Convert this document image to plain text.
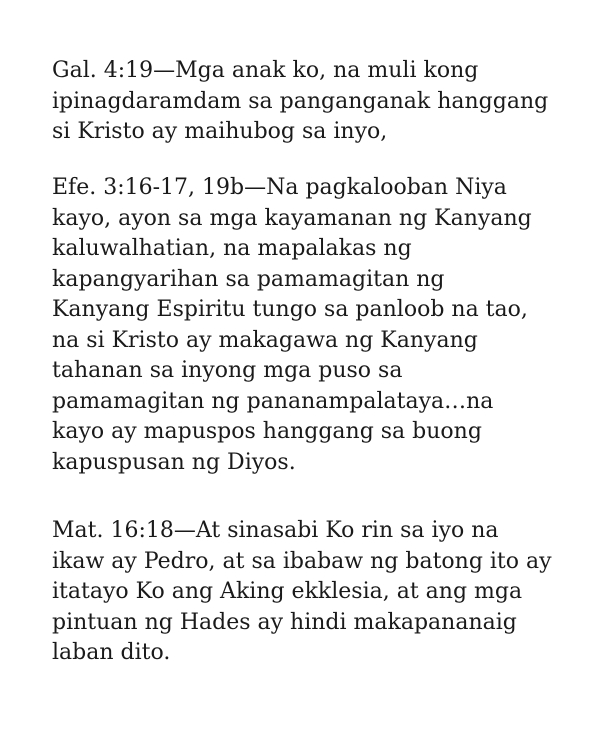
Gal. 4:19—Mga anak ko, na muli kong
ipinagdaramdam sa panganganak hanggang
si Kristo ay maihubog sa inyo,
Efe. 3:16-17, 19b—Na pagkalooban Niya
kayo, ayon sa mga kayamanan ng Kanyang
kaluwalhatian, na mapalakas ng
kapangyarihan sa pamamagitan ng
Kanyang Espiritu tungo sa panloob na tao,
na si Kristo ay makagawa ng Kanyang
tahanan sa inyong mga puso sa
pamamagitan ng pananampalataya…na
kayo ay mapuspos hanggang sa buong
kapuspusan ng Diyos.
Mat. 16:18—At sinasabi Ko rin sa iyo na
ikaw ay Pedro, at sa ibabaw ng batong ito ay
itatayo Ko ang Aking ekklesia, at ang mga
pintuan ng Hades ay hindi makapananaig
laban dito.
